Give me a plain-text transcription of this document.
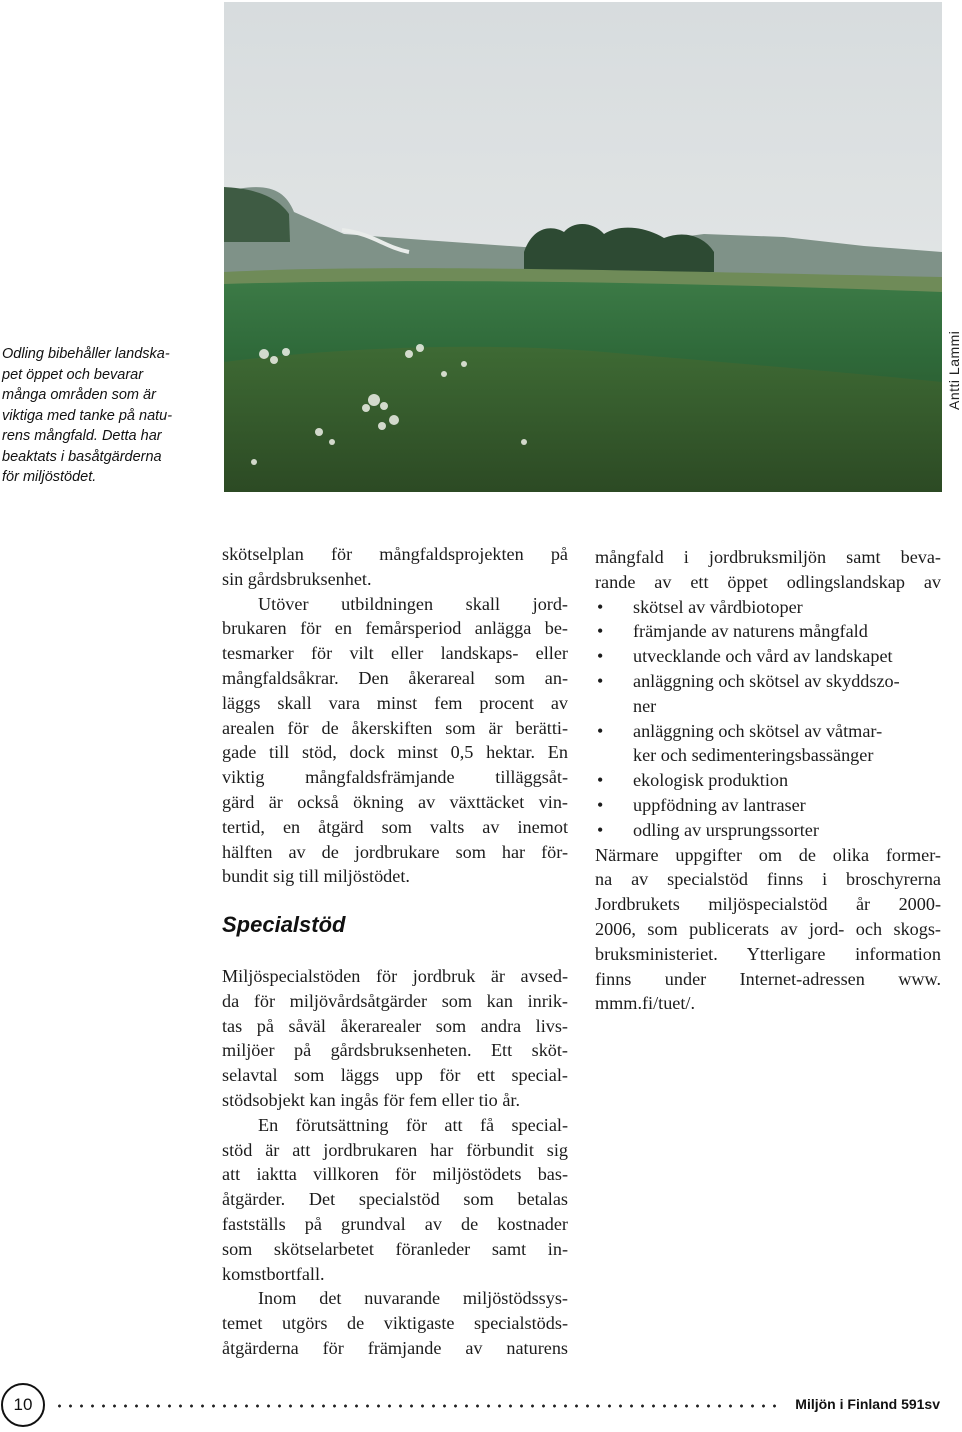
Odling bibehåller landska-
pet öppet och bevarar
många områden som är
viktiga med tanke på natu-
rens mångfald. Detta har
beaktats i basåtgärderna
för miljöstödet.
Antti Lammi
skötselplan för mångfaldsprojekten på
sin gårdsbruksenhet.
Utöver utbildningen skall jord-
brukaren för en femårsperiod anlägga be-
tesmarker för vilt eller landskaps- eller
mångfaldsåkrar. Den åkerareal som an-
läggs skall vara minst fem procent av
arealen för de åkerskiften som är berätti-
gade till stöd, dock minst 0,5 hektar. En
viktig mångfaldsfrämjande tilläggsåt-
gärd är också ökning av växttäcket vin-
tertid, en åtgärd som valts av inemot
hälften av de jordbrukare som har för-
bundit sig till miljöstödet.
Specialstöd
Miljöspecialstöden för jordbruk är avsed-
da för miljövårdsåtgärder som kan inrik-
tas på såväl åkerarealer som andra livs-
miljöer på gårdsbruksenheten. Ett sköt-
selavtal som läggs upp för ett special-
stödsobjekt kan ingås för fem eller tio år.
En förutsättning för att få special-
stöd är att jordbrukaren har förbundit sig
att iaktta villkoren för miljöstödets bas-
åtgärder. Det specialstöd som betalas
fastställs på grundval av de kostnader
som skötselarbetet föranleder samt in-
komstbortfall.
Inom det nuvarande miljöstödssys-
temet utgörs de viktigaste specialstöds-
åtgärderna för främjande av naturens
mångfald i jordbruksmiljön samt beva-
rande av ett öppet odlingslandskap av
• skötsel av vårdbiotoper
• främjande av naturens mångfald
• utvecklande och vård av landskapet
• anläggning och skötsel av skyddszo-
ner
• anläggning och skötsel av våtmar-
ker och sedimenteringsbassänger
• ekologisk produktion
• uppfödning av lantraser
• odling av ursprungssorter
Närmare uppgifter om de olika former-
na av specialstöd finns i broschyrerna
Jordbrukets miljöspecialstöd år 2000-
2006, som publicerats av jord- och skogs-
bruksministeriet. Ytterligare information
finns under Internet-adressen www.
mmm.fi/tuet/.
10	Miljön i Finland 591sv
